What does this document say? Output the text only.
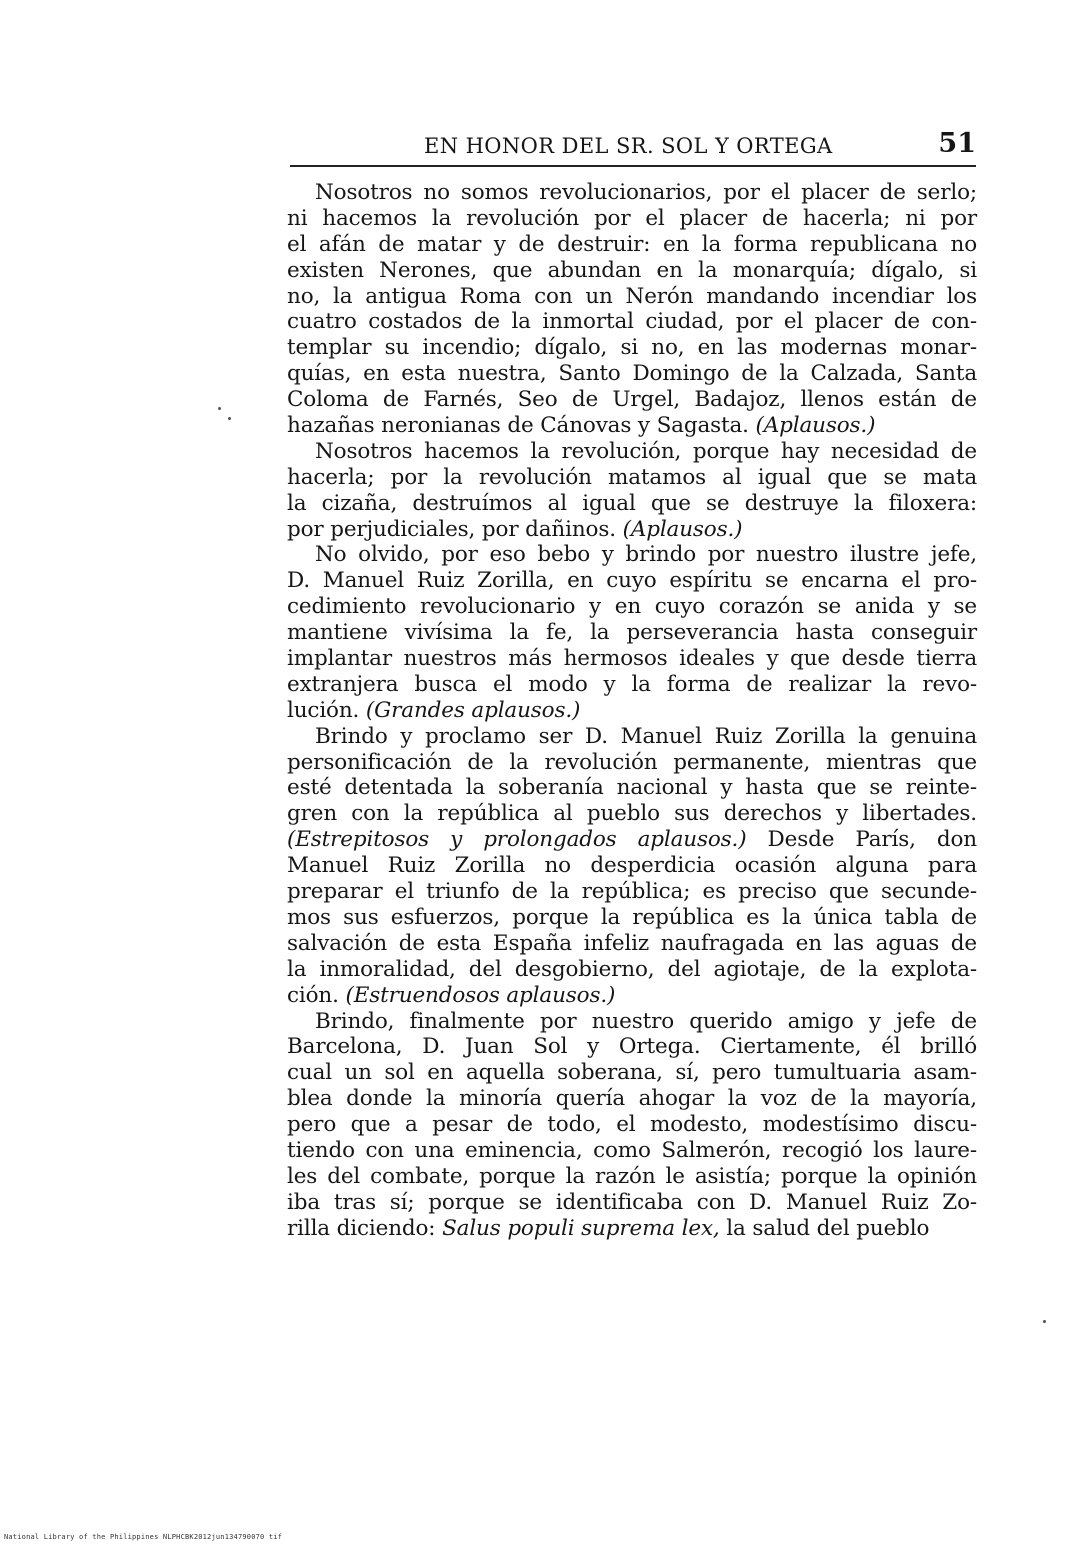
EN HONOR DEL SR. SOL Y ORTEGA	51
Nosotros no somos revolucionarios, por el placer de serlo;
ni hacemos la revolución por el placer de hacerla; ni por
el afán de matar y de destruir: en la forma republicana no
existen Nerones, que abundan en la monarquía; dígalo, si
no, la antigua Roma con un Nerón mandando incendiar los
cuatro costados de la inmortal ciudad, por el placer de con-
templar su incendio; dígalo, si no, en las modernas monar-
quías, en esta nuestra, Santo Domingo de la Calzada, Santa
Coloma de Farnés, Seo de Urgel, Badajoz, llenos están de
hazañas neronianas de Cánovas y Sagasta. (Aplausos.)
Nosotros hacemos la revolución, porque hay necesidad de
hacerla; por la revolución matamos al igual que se mata
la cizaña, destruímos al igual que se destruye la filoxera:
por perjudiciales, por dañinos. (Aplausos.)
No olvido, por eso bebo y brindo por nuestro ilustre jefe,
D. Manuel Ruiz Zorilla, en cuyo espíritu se encarna el pro-
cedimiento revolucionario y en cuyo corazón se anida y se
mantiene vivísima la fe, la perseverancia hasta conseguir
implantar nuestros más hermosos ideales y que desde tierra
extranjera busca el modo y la forma de realizar la revo-
lución. (Grandes aplausos.)
Brindo y proclamo ser D. Manuel Ruiz Zorilla la genuina
personificación de la revolución permanente, mientras que
esté detentada la soberanía nacional y hasta que se reinte-
gren con la república al pueblo sus derechos y libertades.
(Estrepitosos y prolongados aplausos.) Desde París, don
Manuel Ruiz Zorilla no desperdicia ocasión alguna para
preparar el triunfo de la república; es preciso que secunde-
mos sus esfuerzos, porque la república es la única tabla de
salvación de esta España infeliz naufragada en las aguas de
la inmoralidad, del desgobierno, del agiotaje, de la explota-
ción. (Estruendosos aplausos.)
Brindo, finalmente por nuestro querido amigo y jefe de
Barcelona, D. Juan Sol y Ortega. Ciertamente, él brilló
cual un sol en aquella soberana, sí, pero tumultuaria asam-
blea donde la minoría quería ahogar la voz de la mayoría,
pero que a pesar de todo, el modesto, modestísimo discu-
tiendo con una eminencia, como Salmerón, recogió los laure-
les del combate, porque la razón le asistía; porque la opinión
iba tras sí; porque se identificaba con D. Manuel Ruiz Zo-
rilla diciendo: Salus populi suprema lex, la salud del pueblo
National Library of the Philippines NLPHCBK2012jun134790070 tif
